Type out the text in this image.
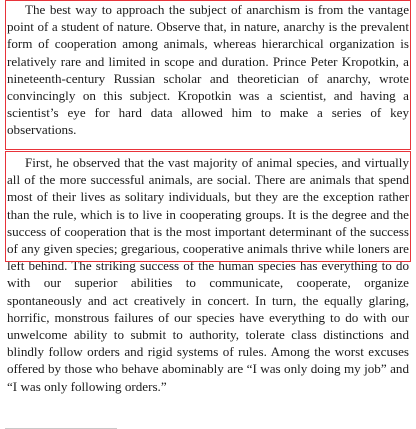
The best way to approach the subject of anarchism is from the vantage point of a student of nature. Observe that, in nature, anarchy is the prevalent form of cooperation among animals, whereas hierarchical organization is relatively rare and limited in scope and duration. Prince Peter Kropotkin, a nineteenth-century Russian scholar and theoretician of anarchy, wrote convincingly on this subject. Kropotkin was a scientist, and having a scientist’s eye for hard data allowed him to make a series of key observations.

First, he observed that the vast majority of animal species, and virtually all of the more successful animals, are social. There are animals that spend most of their lives as solitary individuals, but they are the exception rather than the rule, which is to live in cooperating groups. It is the degree and the success of cooperation that is the most important determinant of the success of any given species; gregarious, cooperative animals thrive while loners are left behind. The striking success of the human species has everything to do with our superior abilities to communicate, cooperate, organize spontaneously and act creatively in concert. In turn, the equally glaring, horrific, monstrous failures of our species have everything to do with our unwelcome ability to submit to authority, tolerate class distinctions and blindly follow orders and rigid systems of rules. Among the worst excuses offered by those who behave abominably are “I was only doing my job” and “I was only following orders.”
